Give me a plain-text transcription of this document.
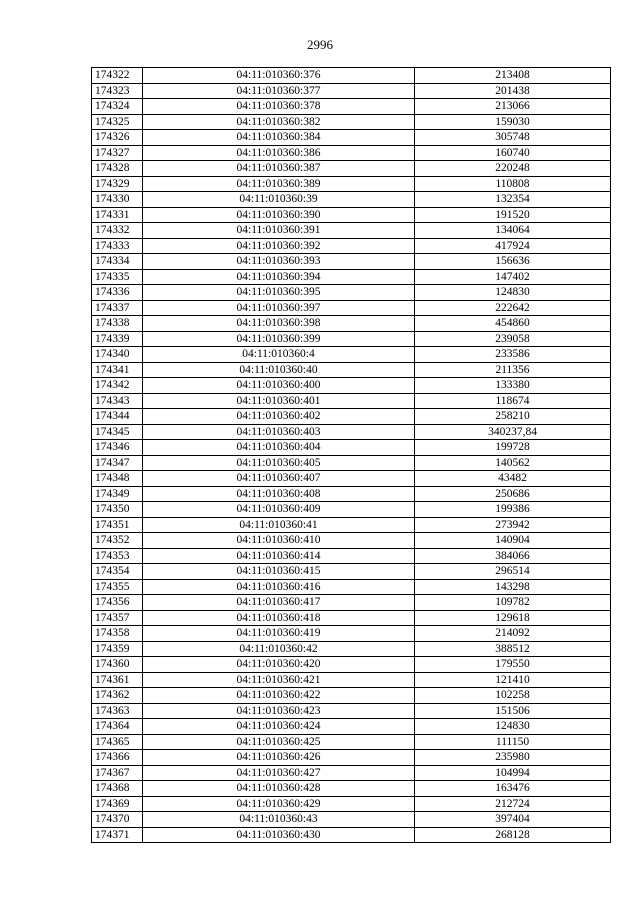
2996
174322	04:11:010360:376	213408
174323	04:11:010360:377	201438
174324	04:11:010360:378	213066
174325	04:11:010360:382	159030
174326	04:11:010360:384	305748
174327	04:11:010360:386	160740
174328	04:11:010360:387	220248
174329	04:11:010360:389	110808
174330	04:11:010360:39	132354
174331	04:11:010360:390	191520
174332	04:11:010360:391	134064
174333	04:11:010360:392	417924
174334	04:11:010360:393	156636
174335	04:11:010360:394	147402
174336	04:11:010360:395	124830
174337	04:11:010360:397	222642
174338	04:11:010360:398	454860
174339	04:11:010360:399	239058
174340	04:11:010360:4	233586
174341	04:11:010360:40	211356
174342	04:11:010360:400	133380
174343	04:11:010360:401	118674
174344	04:11:010360:402	258210
174345	04:11:010360:403	340237,84
174346	04:11:010360:404	199728
174347	04:11:010360:405	140562
174348	04:11:010360:407	43482
174349	04:11:010360:408	250686
174350	04:11:010360:409	199386
174351	04:11:010360:41	273942
174352	04:11:010360:410	140904
174353	04:11:010360:414	384066
174354	04:11:010360:415	296514
174355	04:11:010360:416	143298
174356	04:11:010360:417	109782
174357	04:11:010360:418	129618
174358	04:11:010360:419	214092
174359	04:11:010360:42	388512
174360	04:11:010360:420	179550
174361	04:11:010360:421	121410
174362	04:11:010360:422	102258
174363	04:11:010360:423	151506
174364	04:11:010360:424	124830
174365	04:11:010360:425	111150
174366	04:11:010360:426	235980
174367	04:11:010360:427	104994
174368	04:11:010360:428	163476
174369	04:11:010360:429	212724
174370	04:11:010360:43	397404
174371	04:11:010360:430	268128
